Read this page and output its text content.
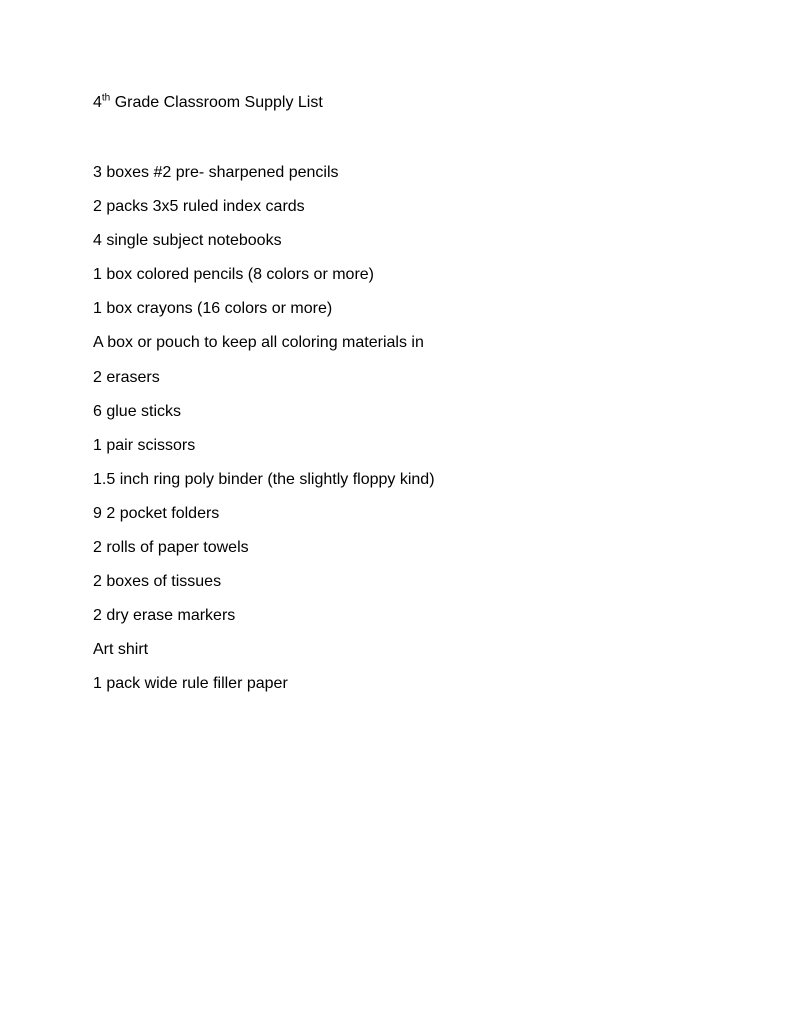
4th Grade Classroom Supply List
3 boxes #2 pre- sharpened pencils
2 packs 3x5 ruled index cards
4 single subject notebooks
1 box colored pencils (8 colors or more)
1 box crayons (16 colors or more)
A box or pouch to keep all coloring materials in
2 erasers
6 glue sticks
1 pair scissors
1.5 inch ring poly binder (the slightly floppy kind)
9 2 pocket folders
2 rolls of paper towels
2 boxes of tissues
2 dry erase markers
Art shirt
1 pack wide rule filler paper
